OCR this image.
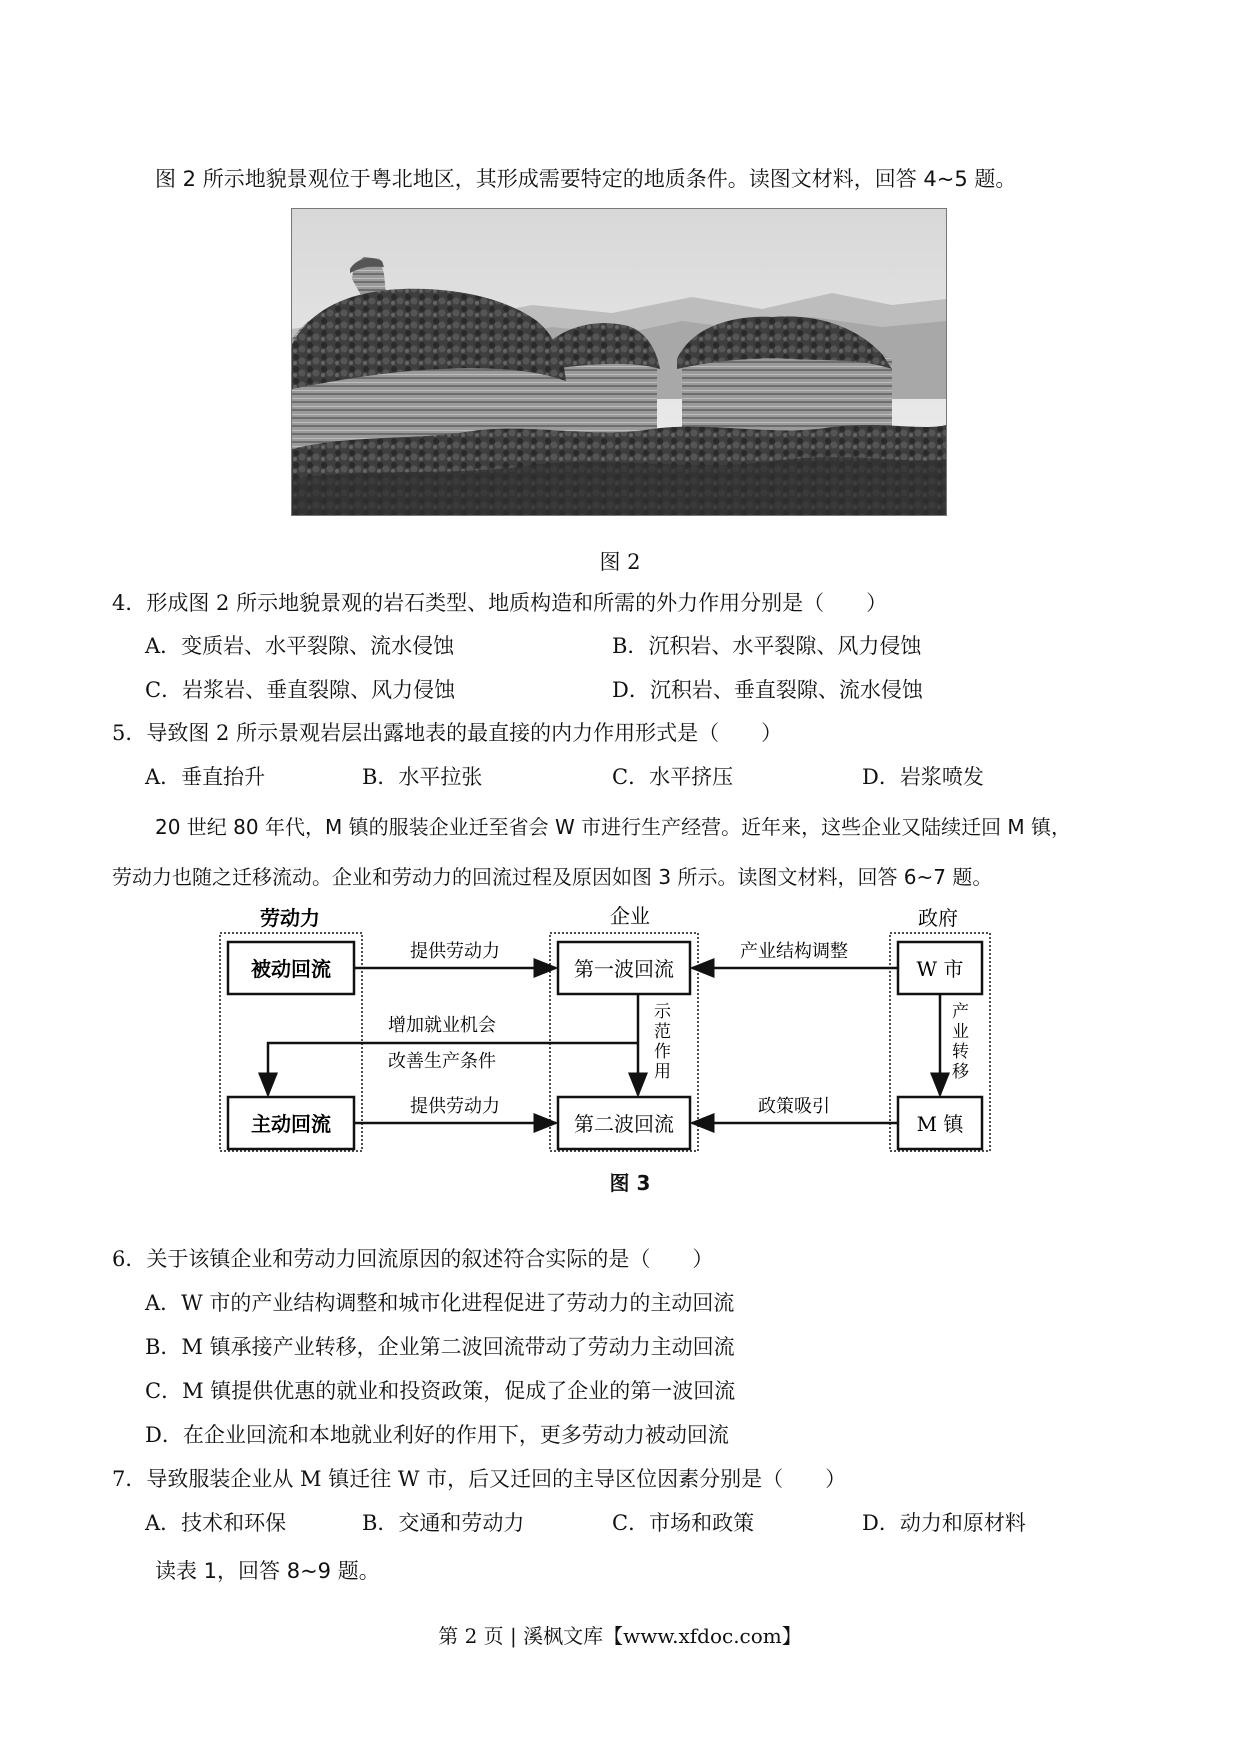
图 2 所示地貌景观位于粤北地区，其形成需要特定的地质条件。读图文材料，回答 4~5 题。
图 2
4．形成图 2 所示地貌景观的岩石类型、地质构造和所需的外力作用分别是（　　）
A．变质岩、水平裂隙、流水侵蚀	B．沉积岩、水平裂隙、风力侵蚀
C．岩浆岩、垂直裂隙、风力侵蚀	D．沉积岩、垂直裂隙、流水侵蚀
5．导致图 2 所示景观岩层出露地表的最直接的内力作用形式是（　　）
A．垂直抬升	B．水平拉张	C．水平挤压	D．岩浆喷发
20 世纪 80 年代，M 镇的服装企业迁至省会 W 市进行生产经营。近年来，这些企业又陆续迁回 M 镇，
劳动力也随之迁移流动。企业和劳动力的回流过程及原因如图 3 所示。读图文材料，回答 6~7 题。
劳动力	企业	政府
被动回流
主动回流
第一波回流
第二波回流
W 市
M 镇
提供劳动力
提供劳动力
产业结构调整
政策吸引
示
范
作
用
产
业
转
移
增加就业机会
改善生产条件
图 3
6．关于该镇企业和劳动力回流原因的叙述符合实际的是（　　）
A．W 市的产业结构调整和城市化进程促进了劳动力的主动回流
B．M 镇承接产业转移，企业第二波回流带动了劳动力主动回流
C．M 镇提供优惠的就业和投资政策，促成了企业的第一波回流
D．在企业回流和本地就业利好的作用下，更多劳动力被动回流
7．导致服装企业从 M 镇迁往 W 市，后又迁回的主导区位因素分别是（　　）
A．技术和环保	B．交通和劳动力	C．市场和政策	D．动力和原材料
读表 1，回答 8~9 题。
第 2 页 | 溪枫文库【www.xfdoc.com】
